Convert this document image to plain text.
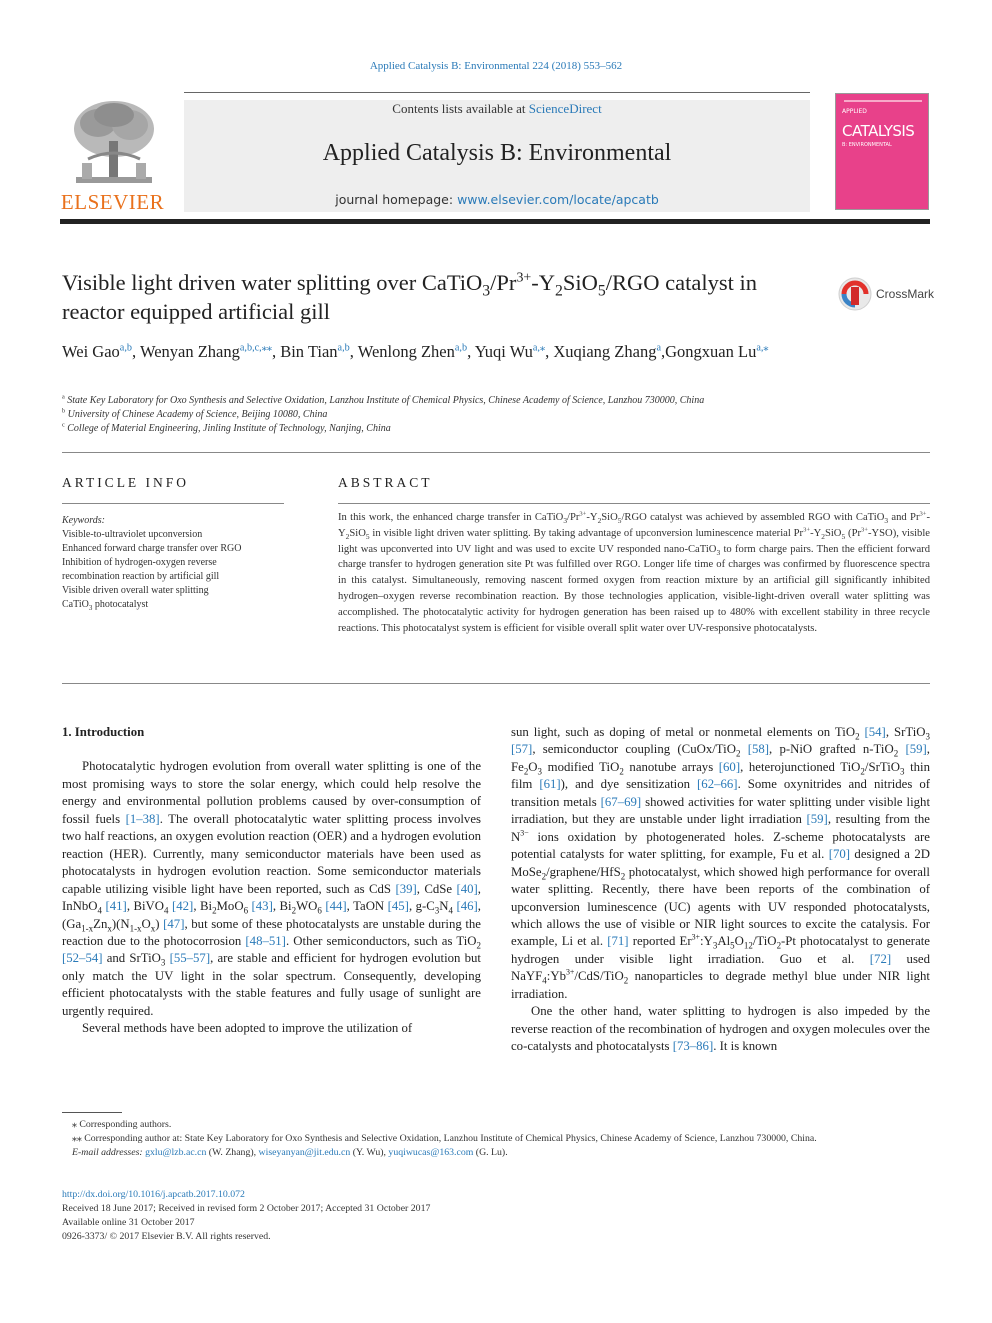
Applied Catalysis B: Environmental 224 (2018) 553–562
ELSEVIER
Contents lists available at ScienceDirect
Applied Catalysis B: Environmental
journal homepage: www.elsevier.com/locate/apcatb
APPLIED
CATALYSIS
B: ENVIRONMENTAL
Visible light driven water splitting over $CaTiO_3/Pr^{3+}-Y_2SiO_5$/RGO catalyst in reactor equipped artificial gill
CrossMark
Wei Gao$^{a,b}$, Wenyan Zhang$^{a,b,c,⁎⁎}$, Bin Tian$^{a,b}$, Wenlong Zhen$^{a,b}$, Yuqi $Wu^{a,⁎}$, Xuqiang Zhang$^a$,Gongxuan $Lu^{a,⁎}$
$^a$ State Key Laboratory for Oxo Synthesis and Selective Oxidation, Lanzhou Institute of Chemical Physics, Chinese Academy of Science, Lanzhou 730000, China
$^b$ University of Chinese Academy of Science, Beijing 10080, China
$^c$ College of Material Engineering, Jinling Institute of Technology, Nanjing, China
ARTICLE INFO
Keywords:
Visible-to-ultraviolet upconversion
Enhanced forward charge transfer over RGO
Inhibition of hydrogen-oxygen reverse
recombination reaction by artificial gill
Visible driven overall water splitting
CaTiO$_3$ photocatalyst
ABSTRACT
In this work, the enhanced charge transfer in $CaTiO_3/Pr^{3+}-Y_2SiO_5$/RGO catalyst was achieved by assembled RGO with CaTiO$_3$ and $Pr^{3+}-Y_2SiO_5$ in visible light driven water splitting. By taking advantage of upconversion luminescence material $Pr^{3+}-Y_2SiO_5$ $(Pr^{3+}-YSO)$, visible light was upconverted into UV light and was used to excite UV responded nano-CaTiO$_3$ to form charge pairs. Then the efficient forward charge transfer to hydrogen generation site Pt was fulfilled over RGO. Longer life time of charges was confirmed by fluorescence spectra in this catalyst. Simultaneously, removing nascent formed oxygen from reaction mixture by an artificial gill significantly inhibited hydrogen–oxygen reverse recombination reaction. By those technologies application, visible-light-driven overall water splitting was accomplished. The photocatalytic activity for hydrogen generation has been raised up to 480% with excellent stability in three recycle reactions. This photocatalyst system is efficient for visible overall split water over UV-responsive photocatalysts.

1. Introduction

Photocatalytic hydrogen evolution from overall water splitting is one of the most promising ways to store the solar energy, which could help resolve the energy and environmental pollution problems caused by over-consumption of fossil fuels [1–38]. The overall photocatalytic water splitting process involves two half reactions, an oxygen evolution reaction (OER) and a hydrogen evolution reaction (HER). Currently, many semiconductor materials have been used as photocatalysts in hydrogen evolution reaction. Some semiconductor materials capable utilizing visible light have been reported, such as CdS [39], CdSe [40], InNbO$_4$ [41], BiVO$_4$ [42], $Bi_2MoO_6$ [43], $Bi_2WO_6$ [44], TaON [45], $g-C_3N_4$ [46], $(Ga_{1-x}Zn_x)(N_{1-x}O_x)$ [47], but some of these photocatalysts are unstable during the reaction due to the photocorrosion [48–51]. Other semiconductors, such as TiO$_2$ [52–54] and SrTiO$_3$ [55–57], are stable and efficient for hydrogen evolution but only match the UV light in the solar spectrum. Consequently, developing efficient photocatalysts with the stable features and fully usage of sunlight are urgently required.

Several methods have been adopted to improve the utilization of

sun light, such as doping of metal or nonmetal elements on TiO$_2$ [54], SrTiO$_3$ [57], semiconductor coupling (CuOx/TiO$_2$ [58], p-NiO grafted n-TiO$_2$ [59], $Fe_2O_3$ modified TiO$_2$ nanotube arrays [60], heterojunctioned TiO$_2$/SrTiO$_3$ thin film [61]), and dye sensitization [62–66]. Some oxynitrides and nitrides of transition metals [67–69] showed activities for water splitting under visible light irradiation, but they are unstable under light irradiation [59], resulting from the $N^{3-}$ ions oxidation by photogenerated holes. Z-scheme photocatalysts are potential catalysts for water splitting, for example, Fu et al. [70] designed a 2D MoSe$_2$/graphene/HfS$_2$ photocatalyst, which showed high performance for overall water splitting. Recently, there have been reports of the combination of upconversion luminescence (UC) agents with UV responded photocatalysts, which allows the use of visible or NIR light sources to excite the catalysis. For example, Li et al. [71] reported $Er^{3+}:Y_3Al_5O_{12}/TiO_2-Pt$ photocatalyst to generate hydrogen under visible light irradiation. Guo et al. [72] used $NaYF_4:Yb^{3+}/CdS/TiO_2$ nanoparticles to degrade methyl blue under NIR light irradiation.

One the other hand, water splitting to hydrogen is also impeded by the reverse reaction of the recombination of hydrogen and oxygen molecules over the co-catalysts and photocatalysts [73–86]. It is known

⁎ Corresponding authors.
⁎⁎ Corresponding author at: State Key Laboratory for Oxo Synthesis and Selective Oxidation, Lanzhou Institute of Chemical Physics, Chinese Academy of Science, Lanzhou 730000, China.
E-mail addresses: gxlu@lzb.ac.cn (W. Zhang), wiseyanyan@jit.edu.cn (Y. Wu), yuqiwucas@163.com (G. Lu).
http://dx.doi.org/10.1016/j.apcatb.2017.10.072
Received 18 June 2017; Received in revised form 2 October 2017; Accepted 31 October 2017
Available online 31 October 2017
0926-3373/ © 2017 Elsevier B.V. All rights reserved.
